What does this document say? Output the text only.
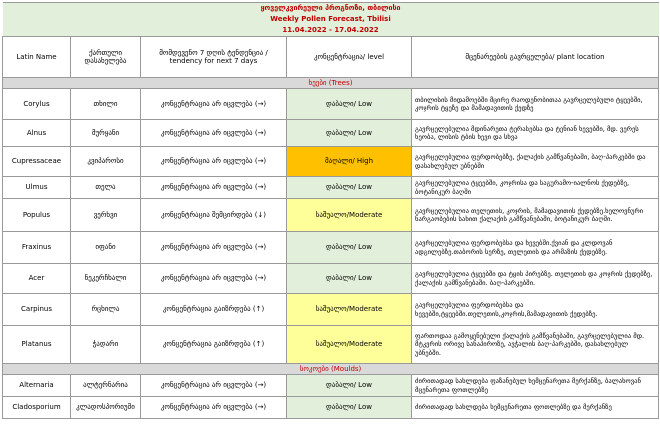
ყოველკვირეული პროგნოზი, თბილისი				
Weekly Pollen Forecast, Tbilisi				
11.04.2022 - 17.04.2022				
Latin Name	ქართული დასახელება	მომდევენო 7 დღის ტენდენცია / tendency for next 7 days	კონცენტრაცია/ level	მცენარეების გავრცელება/ plant location
ხეები (Trees)				
Corylus	თხილი	კონცენტრაცია არ იცვლება (→)	დაბალი/ Low	თბილისის მიდამოებში მცირე რაოდენობითაა გავრცელებული ტყეებში, კოჯრის ტყეზე და მამადავითის ქედზე
Alnus	მურყანი	კონცენტრაცია არ იცვლება (→)	დაბალი/ Low	გავრცელებულია მდინარეთა ტერასებსა და ტენიან ხევებში, მდ. ვერეს ხეობა, ლისის ტბის ხევი და სხვა
Cupressaceae	კვიპაროსი	კონცენტრაცია არ იცვლება (→)	მაღალი/ High	გავრცელებულია ფერდობებზე, ქალაქის გამწვანებაში, ბაღ-პარკებში და დასახლებულ უბნებში
Ulmus	თელა	კონცენტრაცია არ იცვლება (→)	დაბალი/ Low	გავრცელებულია ტყეებში, კოჯრისა და საგურამო-იალნოს ქედებზე, ბოტანიკურ ბაღში
Populus	ვერხვი	კონცენტრაცია შემცირდება (↓)	საშუალო/Moderate	გავრცელებულია თელეთის, კოჯრის, მამადავითის ქედებზე.ხელოვნური ნარგაობების სახით ქალაქის გამწვანებაში, ბოტანიკურ ბაღში.
Fraxinus	იფანი	კონცენტრაცია არ იცვლება (→)	დაბალი/ Low	გავრცელებულია ფერდობებსა და ხევებში.ქვიან და კლდოვან ადგილებზე.თაბორის სერზე, თელეთის და არმაზის ქედებზე.
Acer	ნეკერჩხალი	კონცენტრაცია არ იცვლება (→)	დაბალი/ Low	გავრცელებულია ტყეებში და ტყის პირებზე. თელეთის და კოჯრის ქედებზე, ქალაქის გამწვანებაში. ბაღ-პარკებში.
Carpinus	რცხილა	კონცენტრაცია გაიზრდება (↑)	საშუალო/Moderate	გავრცელებულია ფერდობებსა და ხევებში,ტყეებში.თელეთის,კოჯრის,მამადავითის ქედებზე.
Platanus	ჭადარი	კონცენტრაცია გაიზრდება (↑)	საშუალო/Moderate	ფართოდაა გამოყენებული ქალაქის გამწვანებაში, გავრცელებულია მდ. მტკვრის ორივე სანაპიროზე, ავჭალის ბაღ-პარკებში, დასახლებულ უბნებში.
სოკოები (Moulds)				
Alternaria	ალტერნარია	კონცენტრაცია არ იცვლება (→)	დაბალი/ Low	ძირითადად სახლდება ფაზანებულ ხემცენარეთა მერქანზე, ბალახოვან მცენარეთა ფოთლებზე
Cladosporium	კლადოსპორიუმი	კონცენტრაცია არ იცვლება (→)	დაბალი/ Low	ძირითადად სახლდება ხემცენარეთა ფოთლებზე და მერქანზე
